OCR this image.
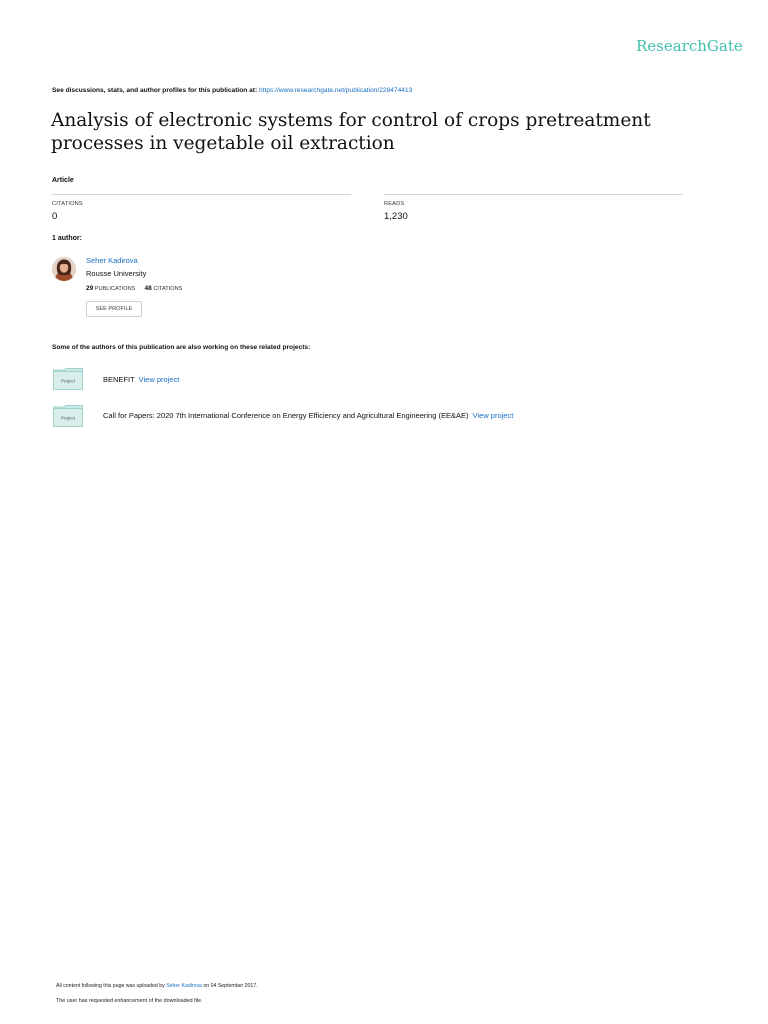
ResearchGate
See discussions, stats, and author profiles for this publication at: https://www.researchgate.net/publication/228474413
Analysis of electronic systems for control of crops pretreatment processes in vegetable oil extraction
Article
CITATIONS
0
READS
1,230
1 author:
Seher Kadirova
Rousse University
29 PUBLICATIONS 48 CITATIONS
SEE PROFILE
Some of the authors of this publication are also working on these related projects:
Project	BENEFIT View project
Project	Call for Papers: 2020 7th International Conference on Energy Efficiency and Agricultural Engineering (EE&AE) View project
All content following this page was uploaded by Seher Kadirova on 04 September 2017.
The user has requested enhancement of the downloaded file.
